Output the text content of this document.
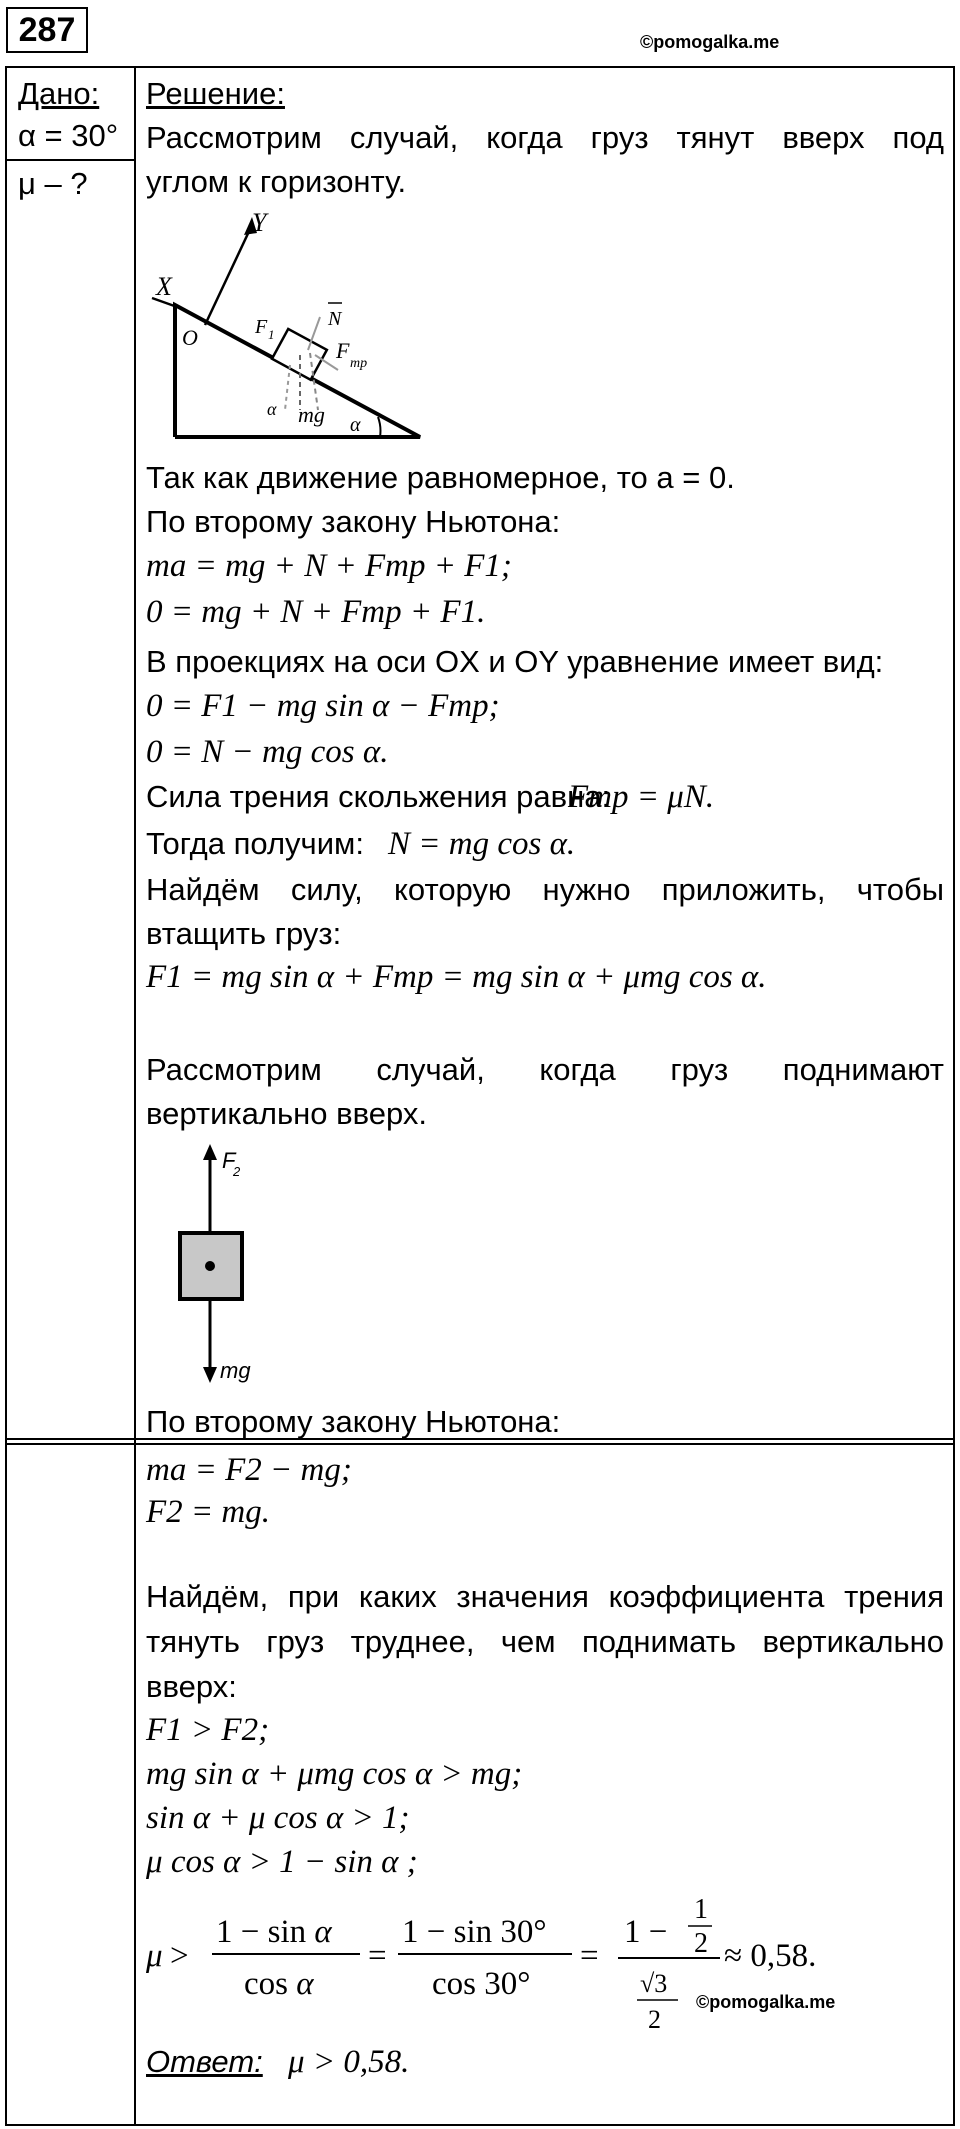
287	©pomogalka.me
Дано:
α = 30°
μ – ?
Решение:
Рассмотрим случай, когда груз тянут вверх под
углом к горизонту.
Y
X
O	F 1
N
F
тр
mg
α
α
Так как движение равномерное, то a = 0.
По второму закону Ньютона:
ma = mg + N + Fтр + F1;
0 = mg + N + Fтр + F1.
В проекциях на оси OX и OY уравнение имеет вид:
0 = F1 − mg sin α − Fтр;
0 = N − mg cos α.
Сила трения скольжения равна:
Fтр = μN.
Тогда получим: N = mg cos α.
Найдём силу, которую нужно приложить, чтобы
втащить груз:
F1 = mg sin α + Fтр = mg sin α + μmg cos α.
Рассмотрим случай, когда груз поднимают
вертикально вверх.
F
2
mg
По второму закону Ньютона:
ma = F2 − mg;
F2 = mg.
Найдём, при каких значения коэффициента трения
тянуть груз труднее, чем поднимать вертикально
вверх:
F1 > F2;
mg sin α + μmg cos α > mg;
sin α + μ cos α > 1;
μ cos α > 1 − sin α ;
μ >
1 − sin α
cos α
=
1 − sin 30°
cos 30°
=
1 −
1
2
√3
2
≈ 0,58.
©pomogalka.me
Ответ: μ > 0,58.
